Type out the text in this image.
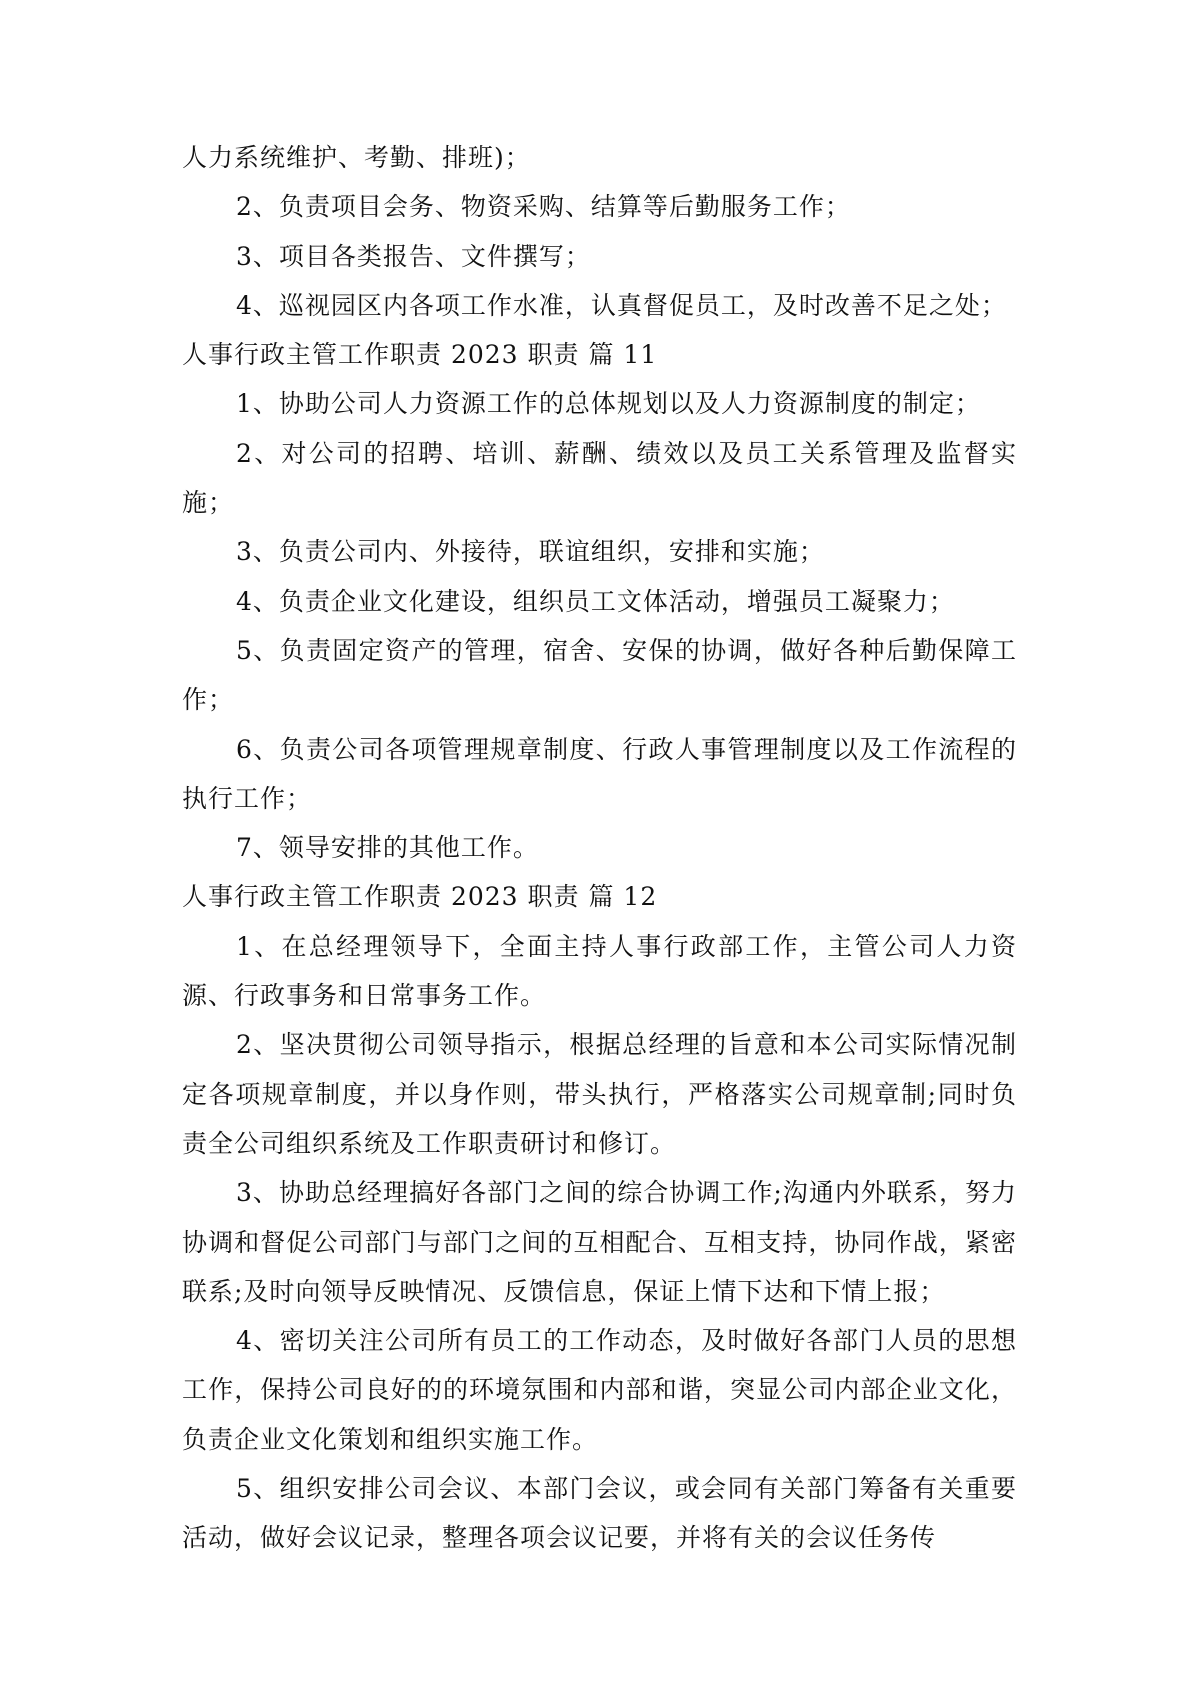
人力系统维护、考勤、排班)；

2、负责项目会务、物资采购、结算等后勤服务工作；

3、项目各类报告、文件撰写；

4、巡视园区内各项工作水准，认真督促员工，及时改善不足之处；

人事行政主管工作职责 2023 职责 篇 11

1、协助公司人力资源工作的总体规划以及人力资源制度的制定；

2、对公司的招聘、培训、薪酬、绩效以及员工关系管理及监督实施；

3、负责公司内、外接待，联谊组织，安排和实施；

4、负责企业文化建设，组织员工文体活动，增强员工凝聚力；

5、负责固定资产的管理，宿舍、安保的协调，做好各种后勤保障工作；

6、负责公司各项管理规章制度、行政人事管理制度以及工作流程的执行工作；

7、领导安排的其他工作。

人事行政主管工作职责 2023 职责 篇 12

1、在总经理领导下，全面主持人事行政部工作，主管公司人力资源、行政事务和日常事务工作。

2、坚决贯彻公司领导指示，根据总经理的旨意和本公司实际情况制定各项规章制度，并以身作则，带头执行，严格落实公司规章制;同时负责全公司组织系统及工作职责研讨和修订。

3、协助总经理搞好各部门之间的综合协调工作;沟通内外联系，努力协调和督促公司部门与部门之间的互相配合、互相支持，协同作战，紧密联系;及时向领导反映情况、反馈信息，保证上情下达和下情上报；

4、密切关注公司所有员工的工作动态，及时做好各部门人员的思想工作，保持公司良好的的环境氛围和内部和谐，突显公司内部企业文化，负责企业文化策划和组织实施工作。

5、组织安排公司会议、本部门会议，或会同有关部门筹备有关重要活动，做好会议记录，整理各项会议记要，并将有关的会议任务传
